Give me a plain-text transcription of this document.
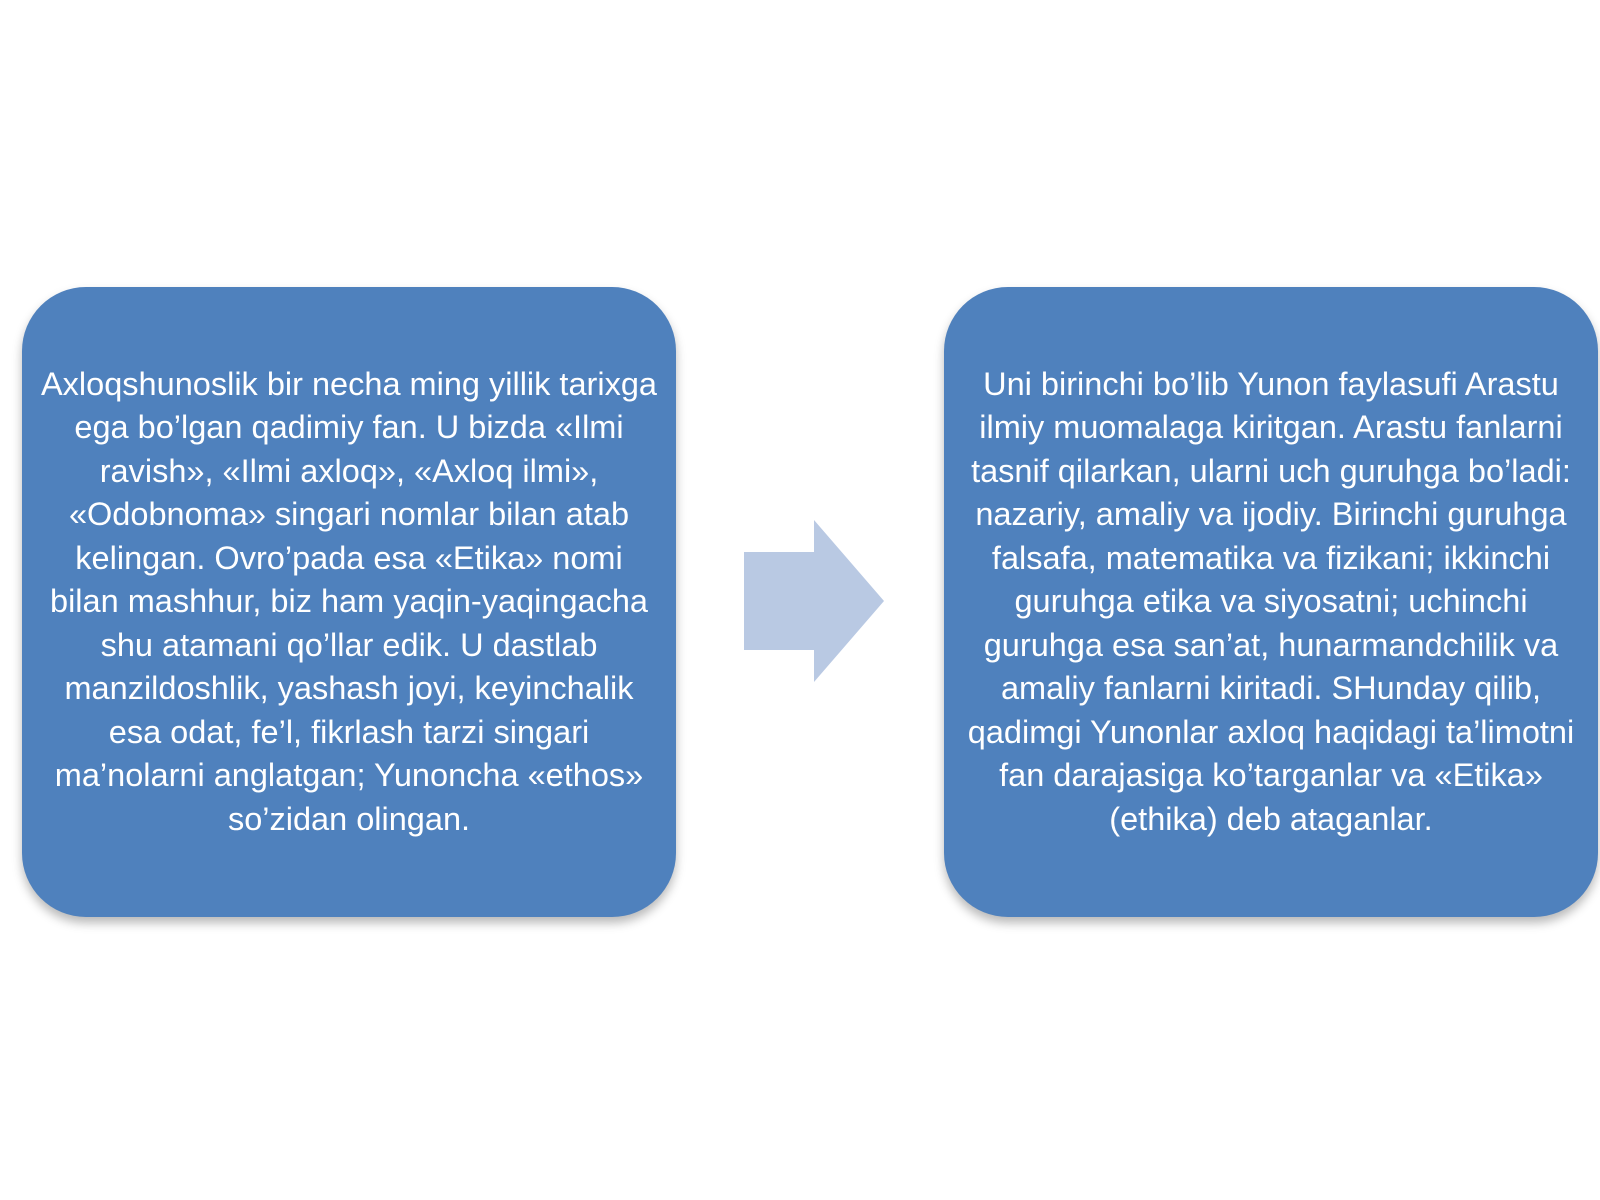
Axloqshunoslik bir necha ming yillik tarixga ega bo’lgan qadimiy fan. U bizda «Ilmi ravish», «Ilmi axloq», «Axloq ilmi», «Odobnoma» singari nomlar bilan atab kelingan. Ovro’pada esa «Etika» nomi bilan mashhur, biz ham yaqin-yaqingacha shu atamani qo’llar edik. U dastlab manzildoshlik, yashash joyi, keyinchalik esa odat, fe’l, fikrlash tarzi singari ma’nolarni anglatgan; Yunoncha «ethos» so’zidan olingan.

Uni birinchi bo’lib Yunon faylasufi Arastu ilmiy muomalaga kiritgan. Arastu fanlarni tasnif qilarkan, ularni uch guruhga bo’ladi: nazariy, amaliy va ijodiy. Birinchi guruhga falsafa, matematika va fizikani; ikkinchi guruhga etika va siyosatni; uchinchi guruhga esa san’at, hunarmandchilik va amaliy fanlarni kiritadi. SHunday qilib, qadimgi Yunonlar axloq haqidagi ta’limotni fan darajasiga ko’targanlar va «Etika» (ethika) deb ataganlar.
